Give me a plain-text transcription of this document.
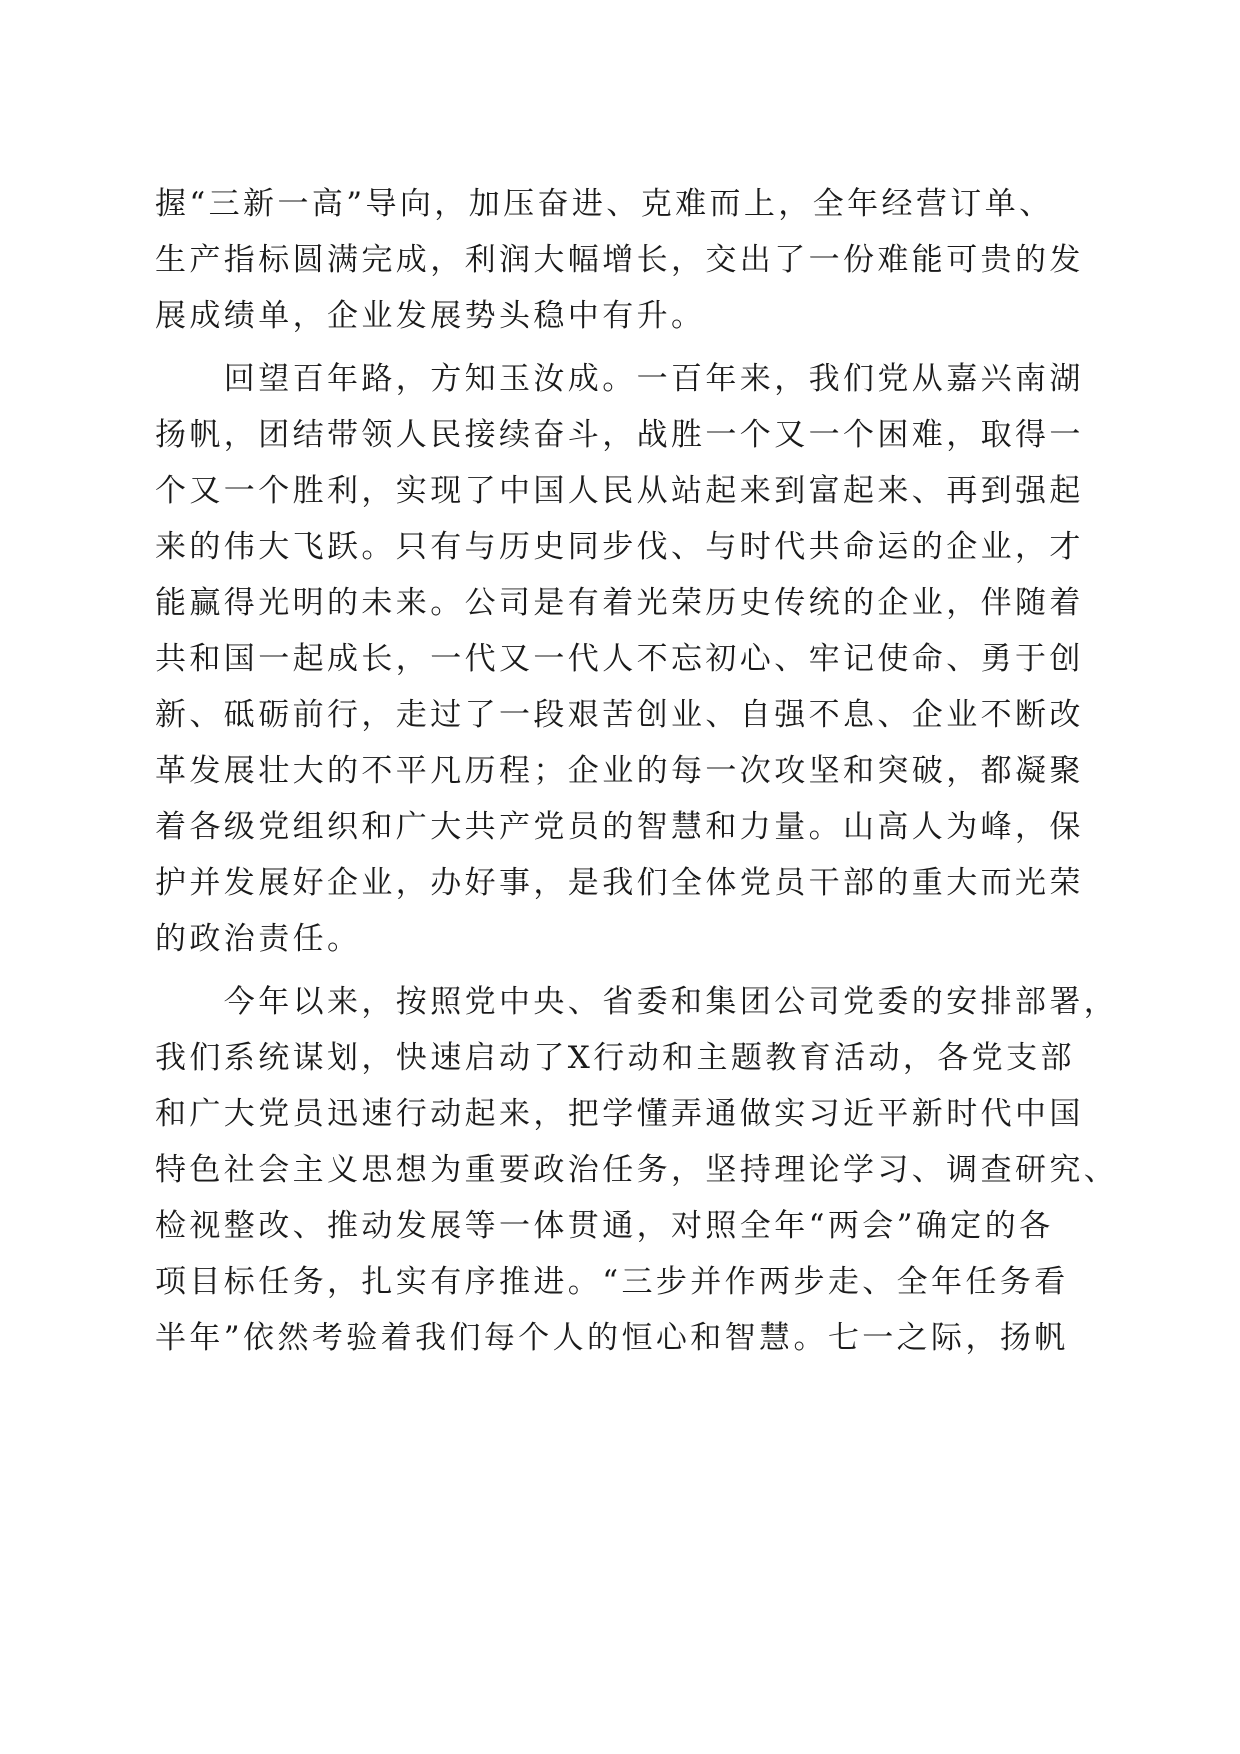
握“三新一高”导向，加压奋进、克难而上，全年经营订单、
生产指标圆满完成，利润大幅增长，交出了一份难能可贵的发
展成绩单，企业发展势头稳中有升。
　　回望百年路，方知玉汝成。一百年来，我们党从嘉兴南湖
扬帆，团结带领人民接续奋斗，战胜一个又一个困难，取得一
个又一个胜利，实现了中国人民从站起来到富起来、再到强起
来的伟大飞跃。只有与历史同步伐、与时代共命运的企业，才
能赢得光明的未来。公司是有着光荣历史传统的企业，伴随着
共和国一起成长，一代又一代人不忘初心、牢记使命、勇于创
新、砥砺前行，走过了一段艰苦创业、自强不息、企业不断改
革发展壮大的不平凡历程；企业的每一次攻坚和突破，都凝聚
着各级党组织和广大共产党员的智慧和力量。山高人为峰，保
护并发展好企业，办好事，是我们全体党员干部的重大而光荣
的政治责任。
　　今年以来，按照党中央、省委和集团公司党委的安排部署，
我们系统谋划，快速启动了X行动和主题教育活动，各党支部
和广大党员迅速行动起来，把学懂弄通做实习近平新时代中国
特色社会主义思想为重要政治任务，坚持理论学习、调查研究、
检视整改、推动发展等一体贯通，对照全年“两会”确定的各
项目标任务，扎实有序推进。“三步并作两步走、全年任务看
半年”依然考验着我们每个人的恒心和智慧。七一之际，扬帆
